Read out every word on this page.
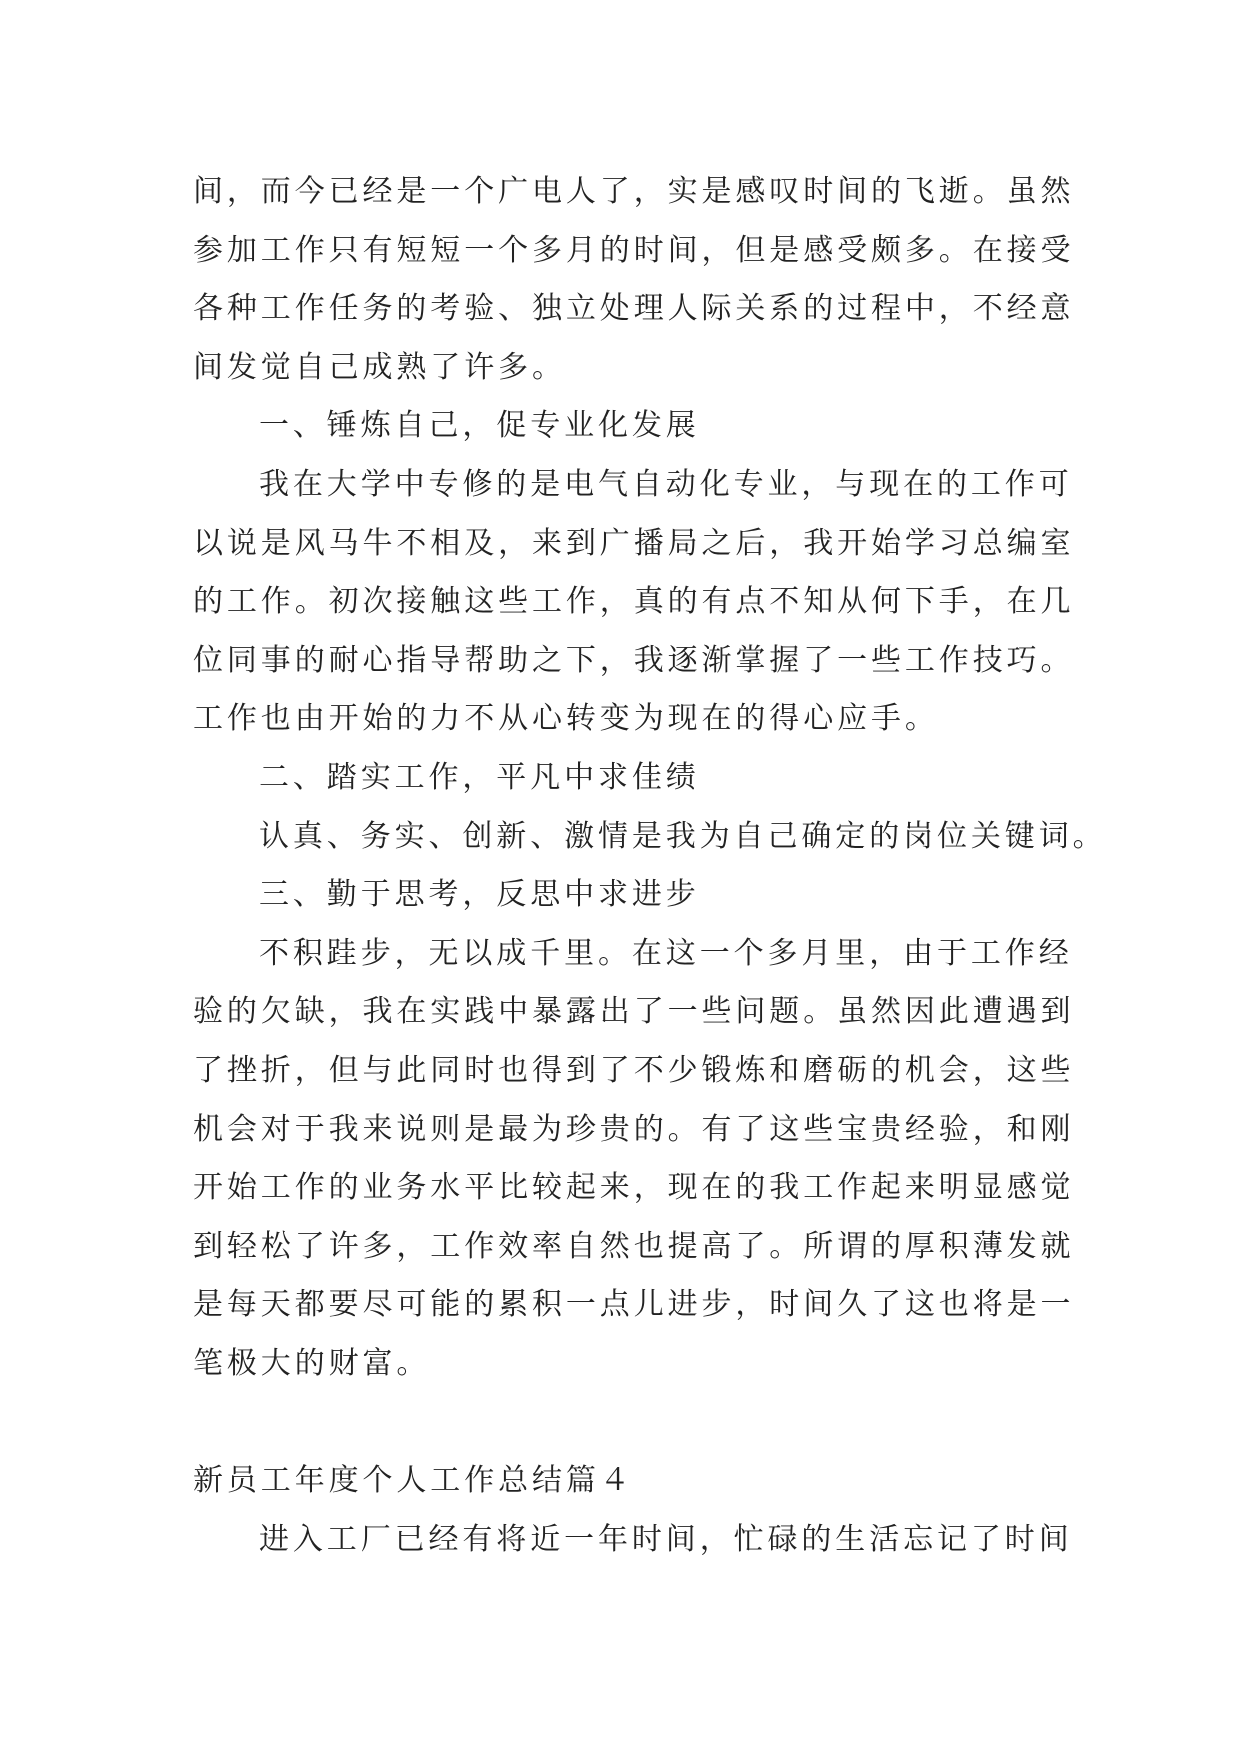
间，而今已经是一个广电人了，实是感叹时间的飞逝。虽然
参加工作只有短短一个多月的时间，但是感受颇多。在接受
各种工作任务的考验、独立处理人际关系的过程中，不经意
间发觉自己成熟了许多。
一、锤炼自己，促专业化发展
我在大学中专修的是电气自动化专业，与现在的工作可
以说是风马牛不相及，来到广播局之后，我开始学习总编室
的工作。初次接触这些工作，真的有点不知从何下手，在几
位同事的耐心指导帮助之下，我逐渐掌握了一些工作技巧。
工作也由开始的力不从心转变为现在的得心应手。
二、踏实工作，平凡中求佳绩
认真、务实、创新、激情是我为自己确定的岗位关键词。
三、勤于思考，反思中求进步
不积跬步，无以成千里。在这一个多月里，由于工作经
验的欠缺，我在实践中暴露出了一些问题。虽然因此遭遇到
了挫折，但与此同时也得到了不少锻炼和磨砺的机会，这些
机会对于我来说则是最为珍贵的。有了这些宝贵经验，和刚
开始工作的业务水平比较起来，现在的我工作起来明显感觉
到轻松了许多，工作效率自然也提高了。所谓的厚积薄发就
是每天都要尽可能的累积一点儿进步，时间久了这也将是一
笔极大的财富。
新员工年度个人工作总结篇４
进入工厂已经有将近一年时间，忙碌的生活忘记了时间
